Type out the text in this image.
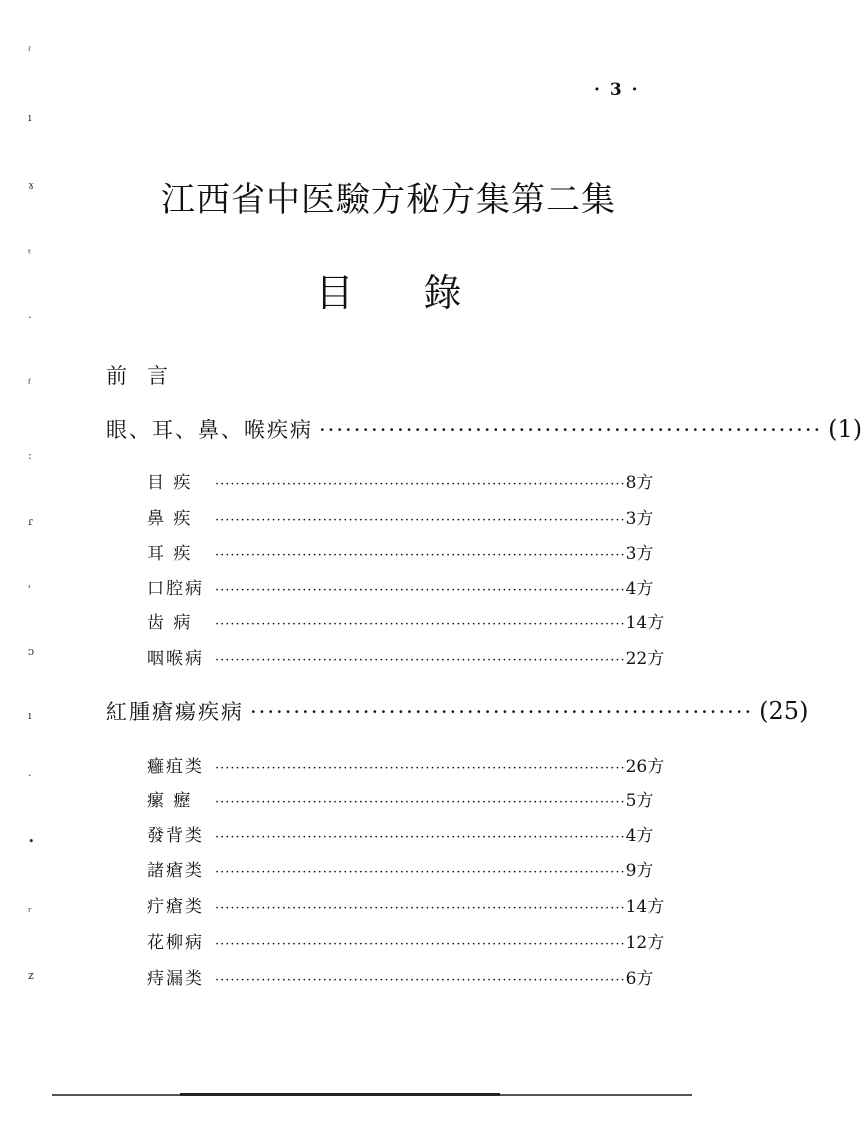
ˀ
ı
ɤ
ᵗ
·
ᶠ
:
ɾ
˒
ᴐ
ı
·
•
ʳ
ᴢ
· 3 ·
江西省中医驗方秘方集第二集
目錄
前言
眼、耳、鼻、喉疾病 ·························································· (1)
目 疾	················································································ 8方
鼻 疾	················································································ 3方
耳 疾	················································································ 3方
口腔病 ················································································ 4方
齿 病	················································································ 14方
咽喉病 ················································································ 22方
紅腫瘡瘍疾病 ·························································· (25)
癰疽类 ················································································ 26方
瘰 癧	················································································ 5方
發背类 ················································································ 4方
諸瘡类 ················································································ 9方
疔瘡类 ················································································ 14方
花柳病 ················································································ 12方
痔漏类 ················································································ 6方
